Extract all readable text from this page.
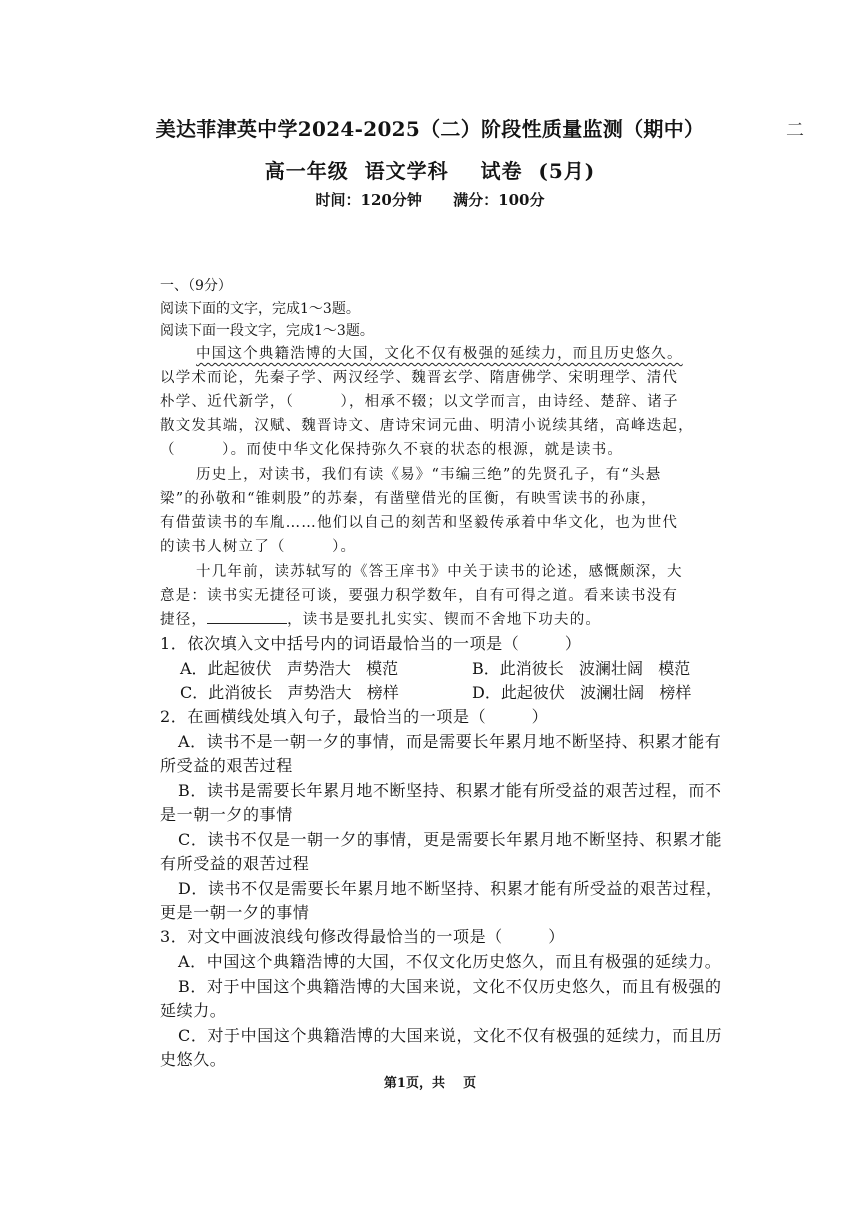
美达菲津英中学2024-2025（二）阶段性质量监测（期中）	二
高一年级  语文学科    试卷  (5月)
时间：120分钟      满分：100分
一、（9分）
阅读下面的文字，完成1～3题。
阅读下面一段文字，完成1～3题。
中国这个典籍浩博的大国，文化不仅有极强的延续力，而且历史悠久。
以学术而论，先秦子学、两汉经学、魏晋玄学、隋唐佛学、宋明理学、清代
朴学、近代新学，（        ），相承不辍；以文学而言，由诗经、楚辞、诸子
散文发其端，汉赋、魏晋诗文、唐诗宋词元曲、明清小说续其绪，高峰迭起，
（        ）。而使中华文化保持弥久不衰的状态的根源，就是读书。
历史上，对读书，我们有读《易》“韦编三绝”的先贤孔子，有“头悬
梁”的孙敬和“锥刺股”的苏秦，有凿壁借光的匡衡，有映雪读书的孙康，
有借萤读书的车胤……他们以自己的刻苦和坚毅传承着中华文化，也为世代
的读书人树立了（        ）。
十几年前，读苏轼写的《答王庠书》中关于读书的论述，感慨颇深，大
意是：读书实无捷径可谈，要强力积学数年，自有可得之道。看来读书没有
捷径，	，读书是要扎扎实实、锲而不舍地下功夫的。
1．依次填入文中括号内的词语最恰当的一项是（        ）
A．此起彼伏   声势浩大   模范	B．此消彼长   波澜壮阔   模范
C．此消彼长   声势浩大   榜样	D．此起彼伏   波澜壮阔   榜样
2．在画横线处填入句子，最恰当的一项是（        ）
A．读书不是一朝一夕的事情，而是需要长年累月地不断坚持、积累才能有
所受益的艰苦过程
B．读书是需要长年累月地不断坚持、积累才能有所受益的艰苦过程，而不
是一朝一夕的事情
C．读书不仅是一朝一夕的事情，更是需要长年累月地不断坚持、积累才能
有所受益的艰苦过程
D．读书不仅是需要长年累月地不断坚持、积累才能有所受益的艰苦过程，
更是一朝一夕的事情
3．对文中画波浪线句修改得最恰当的一项是（        ）
A．中国这个典籍浩博的大国，不仅文化历史悠久，而且有极强的延续力。
B．对于中国这个典籍浩博的大国来说，文化不仅历史悠久，而且有极强的
延续力。
C．对于中国这个典籍浩博的大国来说，文化不仅有极强的延续力，而且历
史悠久。
第1页，共    页
